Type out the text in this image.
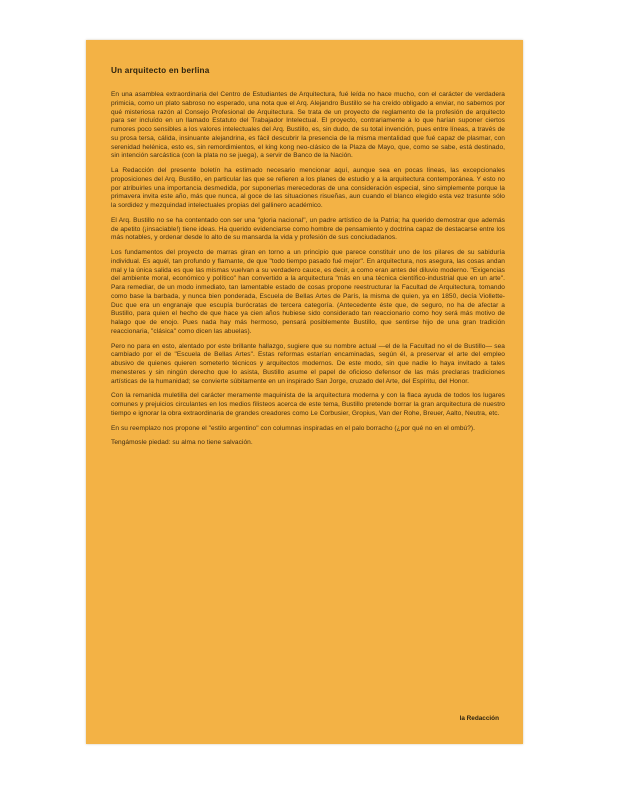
Un arquitecto en berlina

En una asamblea extraordinaria del Centro de Estudiantes de Arquitectura, fué leída no hace mucho, con el carácter de verdadera primicia, como un plato sabroso no esperado, una nota que el Arq. Alejandro Bustillo se ha creído obligado a enviar, no sabemos por qué misteriosa razón al Consejo Profesional de Arquitectura. Se trata de un proyecto de reglamento de la profesión de arquitecto para ser incluído en un llamado Estatuto del Trabajador Intelectual. El proyecto, contrariamente a lo que harían suponer ciertos rumores poco sensibles a los valores intelectuales del Arq. Bustillo, es, sin dudo, de su total invención, pues entre líneas, a través de su prosa tersa, cálida, insinuante alejandrina, es fácil descubrir la presencia de la misma mentalidad que fué capaz de plasmar, con serenidad helénica, esto es, sin remordimientos, el king kong neo-clásico de la Plaza de Mayo, que, como se sabe, está destinado, sin intención sarcástica (con la plata no se juega), a servir de Banco de la Nación.

La Redacción del presente boletín ha estimado necesario mencionar aquí, aunque sea en pocas líneas, las excepcionales proposiciones del Arq. Bustillo, en particular las que se refieren a los planes de estudio y a la arquitectura contemporánea. Y esto no por atribuirles una importancia desmedida, por suponerlas merecedoras de una consideración especial, sino simplemente porque la primavera invita este año, más que nunca, al goce de las situaciones risueñas, aun cuando el blanco elegido esta vez trasunte sólo la sordidez y mezquindad intelectuales propias del gallinero académico.

El Arq. Bustillo no se ha contentado con ser una "gloria nacional", un padre artístico de la Patria; ha querido demostrar que además de apetito (¡insaciable!) tiene ideas. Ha querido evidenciarse como hombre de pensamiento y doctrina capaz de destacarse entre los más notables, y ordenar desde lo alto de su mansarda la vida y profesión de sus conciudadanos.

Los fundamentos del proyecto de marras giran en torno a un principio que parece constituir uno de los pilares de su sabiduría individual. Es aquél, tan profundo y flamante, de que "todo tiempo pasado fué mejor". En arquitectura, nos asegura, las cosas andan mal y la única salida es que las mismas vuelvan a su verdadero cauce, es decir, a como eran antes del diluvio moderno. "Exigencias del ambiente moral, económico y político" han convertido a la arquitectura "más en una técnica científico-industrial que en un arte". Para remediar, de un modo inmediato, tan lamentable estado de cosas propone reestructurar la Facultad de Arquitectura, tomando como base la barbada, y nunca bien ponderada, Escuela de Bellas Artes de París, la misma de quien, ya en 1850, decía Viollette-Duc que era un engranaje que escupía burócratas de tercera categoría. (Antecedente éste que, de seguro, no ha de afectar a Bustillo, para quien el hecho de que hace ya cien años hubiese sido considerado tan reaccionario como hoy será más motivo de halago que de enojo. Pues nada hay más hermoso, pensará posiblemente Bustillo, que sentirse hijo de una gran tradición reaccionaria, "clásica" como dicen las abuelas).

Pero no para en esto, alentado por este brillante hallazgo, sugiere que su nombre actual —el de la Facultad no el de Bustillo— sea cambiado por el de "Escuela de Bellas Artes". Estas reformas estarían encaminadas, según él, a preservar el arte del empleo abusivo de quienes quieren someterlo técnicos y arquitectos modernos. De este modo, sin que nadie lo haya invitado a tales menesteres y sin ningún derecho que lo asista, Bustillo asume el papel de oficioso defensor de las más preclaras tradiciones artísticas de la humanidad; se convierte súbitamente en un inspirado San Jorge, cruzado del Arte, del Espíritu, del Honor.

Con la remanida muletilla del carácter meramente maquinista de la arquitectura moderna y con la flaca ayuda de todos los lugares comunes y prejuicios circulantes en los medios filisteos acerca de este tema, Bustillo pretende borrar la gran arquitectura de nuestro tiempo e ignorar la obra extraordinaria de grandes creadores como Le Corbusier, Gropius, Van der Rohe, Breuer, Aalto, Neutra, etc.

En su reemplazo nos propone el "estilo argentino" con columnas inspiradas en el palo borracho (¿por qué no en el ombú?).

Tengámosle piedad: su alma no tiene salvación.

la Redacción
